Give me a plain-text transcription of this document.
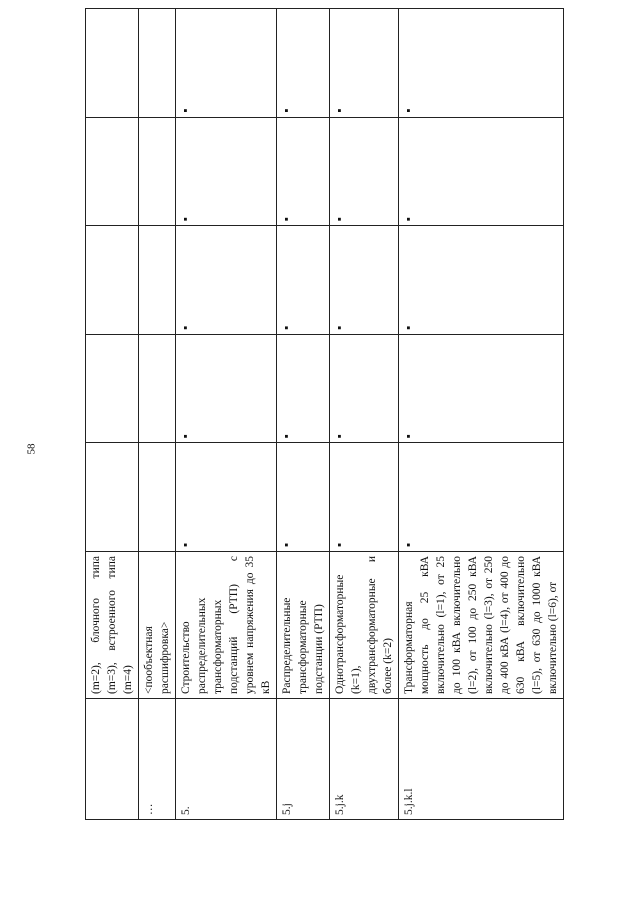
58
	(m=2), блочного типа (m=3), встроенного типа (m=4)					
…	<пообъектная расшифровка>					
5.	Строительство распределительных трансформаторных подстанций (РТП) с уровнем напряжения до 35 кВ	▪	▪	▪	▪	▪
5.j	Распределительные трансформаторные подстанции (РТП)	▪	▪	▪	▪	▪
5.j.k	Однотрансформаторные (k=1), двухтрансформаторные и более (k=2)	▪	▪	▪	▪	▪
5.j.k.l	Трансформаторная мощность до 25 кВА включительно (l=1), от 25 до 100 кВА включительно (l=2), от 100 до 250 кВА включительно (l=3), от 250 до 400 кВА (l=4), от 400 до 630 кВА включительно (l=5), от 630 до 1000 кВА включительно (l=6), от	▪	▪	▪	▪	▪
